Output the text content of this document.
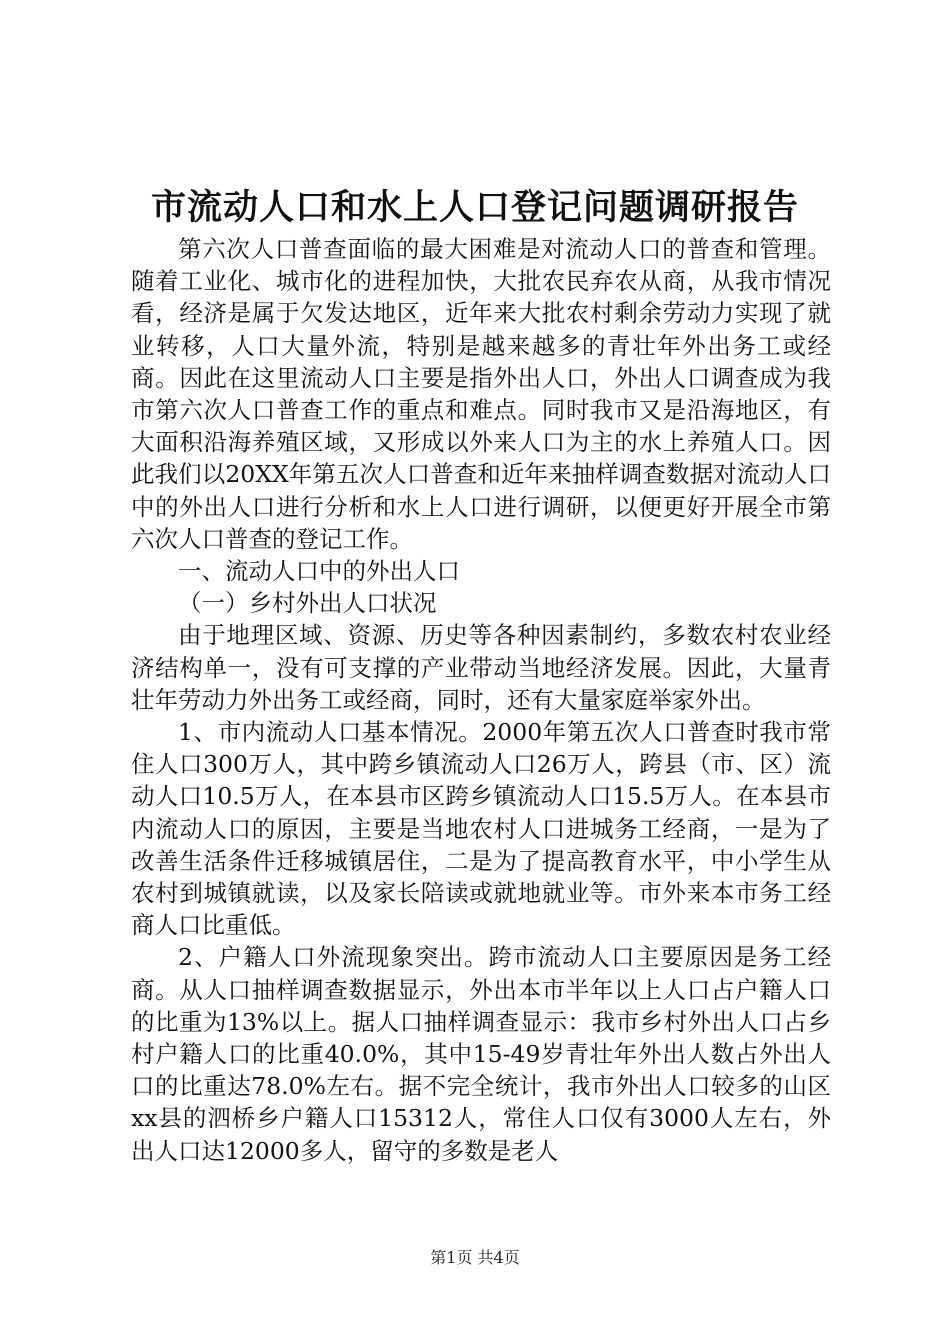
市流动人口和水上人口登记问题调研报告

第六次人口普查面临的最大困难是对流动人口的普查和管理。随着工业化、城市化的进程加快，大批农民弃农从商，从我市情况看，经济是属于欠发达地区，近年来大批农村剩余劳动力实现了就业转移，人口大量外流，特别是越来越多的青壮年外出务工或经商。因此在这里流动人口主要是指外出人口，外出人口调查成为我市第六次人口普查工作的重点和难点。同时我市又是沿海地区，有大面积沿海养殖区域，又形成以外来人口为主的水上养殖人口。因此我们以20XX年第五次人口普查和近年来抽样调查数据对流动人口中的外出人口进行分析和水上人口进行调研，以便更好开展全市第六次人口普查的登记工作。

一、流动人口中的外出人口

（一）乡村外出人口状况

由于地理区域、资源、历史等各种因素制约，多数农村农业经济结构单一，没有可支撑的产业带动当地经济发展。因此，大量青壮年劳动力外出务工或经商，同时，还有大量家庭举家外出。

1、市内流动人口基本情况。2000年第五次人口普查时我市常住人口300万人，其中跨乡镇流动人口26万人，跨县（市、区）流动人口10.5万人，在本县市区跨乡镇流动人口15.5万人。在本县市内流动人口的原因，主要是当地农村人口进城务工经商，一是为了改善生活条件迁移城镇居住，二是为了提高教育水平，中小学生从农村到城镇就读，以及家长陪读或就地就业等。市外来本市务工经商人口比重低。

2、户籍人口外流现象突出。跨市流动人口主要原因是务工经商。从人口抽样调查数据显示，外出本市半年以上人口占户籍人口的比重为13%以上。据人口抽样调查显示：我市乡村外出人口占乡村户籍人口的比重40.0%，其中15-49岁青壮年外出人数占外出人口的比重达78.0%左右。据不完全统计，我市外出人口较多的山区xx县的泗桥乡户籍人口15312人，常住人口仅有3000人左右，外出人口达12000多人，留守的多数是老人

第1页 共4页
